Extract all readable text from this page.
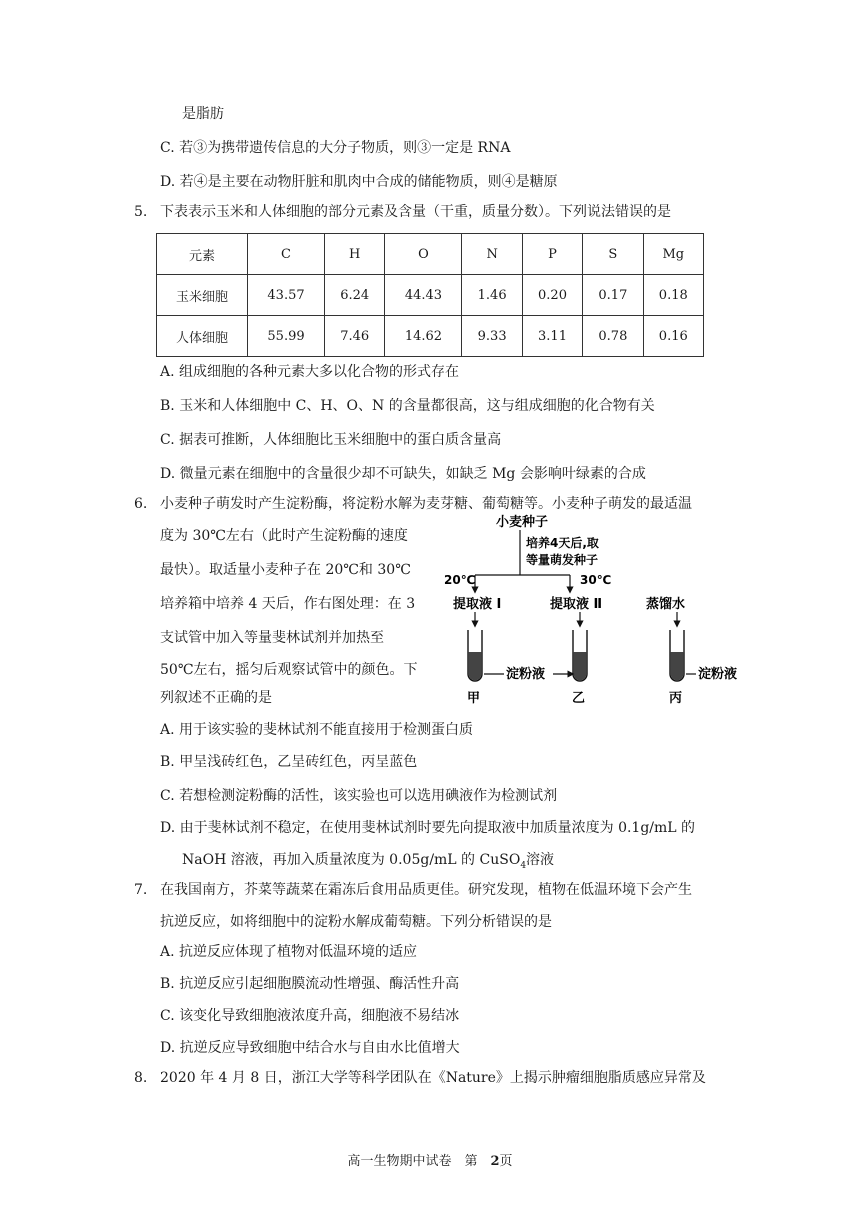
是脂肪
C. 若③为携带遗传信息的大分子物质，则③一定是 RNA
D. 若④是主要在动物肝脏和肌肉中合成的储能物质，则④是糖原
5. 下表表示玉米和人体细胞的部分元素及含量（干重，质量分数）。下列说法错误的是
元素	C	H	O	N	P	S	Mg
玉米细胞	43.57	6.24	44.43	1.46	0.20	0.17	0.18
人体细胞	55.99	7.46	14.62	9.33	3.11	0.78	0.16
A. 组成细胞的各种元素大多以化合物的形式存在
B. 玉米和人体细胞中 C、H、O、N 的含量都很高，这与组成细胞的化合物有关
C. 据表可推断，人体细胞比玉米细胞中的蛋白质含量高
D. 微量元素在细胞中的含量很少却不可缺失，如缺乏 Mg 会影响叶绿素的合成
6. 小麦种子萌发时产生淀粉酶，将淀粉水解为麦芽糖、葡萄糖等。小麦种子萌发的最适温
度为 30℃左右（此时产生淀粉酶的速度
最快）。取适量小麦种子在 20℃和 30℃
培养箱中培养 4 天后，作右图处理：在 3
支试管中加入等量斐林试剂并加热至
50℃左右，摇匀后观察试管中的颜色。下
列叙述不正确的是
小麦种子
培养4天后,取
等量萌发种子
20℃	30℃
提取液 Ⅰ	提取液 Ⅱ	蒸馏水
淀粉液	淀粉液
甲	乙	丙
A. 用于该实验的斐林试剂不能直接用于检测蛋白质
B. 甲呈浅砖红色，乙呈砖红色，丙呈蓝色
C. 若想检测淀粉酶的活性，该实验也可以选用碘液作为检测试剂
D. 由于斐林试剂不稳定，在使用斐林试剂时要先向提取液中加质量浓度为 0.1g/mL 的
NaOH 溶液，再加入质量浓度为 0.05g/mL 的 CuSO$_4$溶液
7. 在我国南方，芥菜等蔬菜在霜冻后食用品质更佳。研究发现，植物在低温环境下会产生
抗逆反应，如将细胞中的淀粉水解成葡萄糖。下列分析错误的是
A. 抗逆反应体现了植物对低温环境的适应
B. 抗逆反应引起细胞膜流动性增强、酶活性升高
C. 该变化导致细胞液浓度升高，细胞液不易结冰
D. 抗逆反应导致细胞中结合水与自由水比值增大
8. 2020 年 4 月 8 日，浙江大学等科学团队在《Nature》上揭示肿瘤细胞脂质感应异常及
高一生物期中试卷　第　2页
